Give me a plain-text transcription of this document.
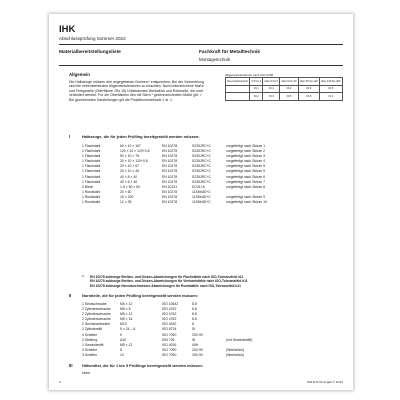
IHK
Abschlussprüfung Sommer 2022
Materialbereitstellungsliste	Fachkraft für Metalltechnik
Montagetechnik
Allgemein

Die Halbzeuge müssen den angegebenen Normen¹⁾ entsprechen. Bei der Vorbereitung sind die nebenstehenden Allgemeintoleranzen zu beachten. Nicht unterstrichene Maße und Fertigmaße (Oberfläche √Rz 16) Unbekanntes Werkstück und Rohmaße, die noch verändert werden. Für die Oberflächen des mit Stern * gekennzeichneten Maße gilt: √ Bei gezeichneten Darstellungen gilt die Projektionsmethode 1 ⊕ ◁

Allgemeintoleranzen nach ISO 2768
Nennmaß-bereich	0,5 bis 3	über 3 bis 6	über 6 bis 30	über 30 bis 120	über 120 bis 400
	±0,1	±0,1	±0,2	±0,3	±0,5
	±0,2	±0,3	±0,5	±0,8	±1,2
I	Halbzeuge, die für jeden Prüfling bereitgestellt werden müssen:
1 Flachstahl	60 × 10 × 167	EN 10278	S235JRC+C	vorgefertigt nach Skizze 1
1 Flachstahl	120 × 10 × 120+0,8	EN 10278	S235JRC+C	vorgefertigt nach Skizze 2
1 Flachstahl	50 × 10 × 75	EN 10278	S235JRC+C	vorgefertigt nach Skizze 3
1 Flachstahl	20 × 10 × 120+0,8	EN 10278	S235JRC+C	vorgefertigt nach Skizze 4
1 Flachstahl	20 × 10 × 57	EN 10278	S235JRC+C	vorgefertigt nach Skizze 5
1 Flachstahl	20 × 10 × 45	EN 10278	S235JRC+C	vorgefertigt nach Skizze 5
1 Flachstahl	40 × 8 × 40	EN 10278	S235JRC+C	vorgefertigt nach Skizze 6
1 Flachstahl	40 × 6 × 40	EN 10278	S235JRC+C	vorgefertigt nach Skizze 7
2 Blech	1,5 × 50 × 50	EN 10131	DC01+A	vorgefertigt nach Skizze 8
1 Rundstahl	20 × 60	EN 10278	11SMn30+C
1 Rundstahl	15 × 200	EN 10278	11SMn30+C	vorgefertigt nach Skizze 9
1 Rundstahl	12 × 35	EN 10278	11SMn30+C	vorgefertigt nach Skizze 10
1) EN 10278 zulässige Breiten- und Dicken-Abweichungen für Flachstähle nach ISO-Toleranzfeld h11
EN 10278 zulässige Breiten- und Dicken-Abweichungen für Vierkantstähle nach ISO-Toleranzfeld h11
EN 10278 zulässige Nenndurchmesser-Abweichungen für Rundstähle nach ISO-Toleranzfeld h11
II	Normteile, die für jeden Prüfling bereitgestellt werden müssen:
1 Senkschraube	M5 × 12	ISO 10642	8.8
2 Zylinderschraube	M5 × 8	ISO 4762	8.8
2 Zylinderschraube	M5 × 12	ISO 4762	8.8
2 Zylinderschraube	M5 × 16	ISO 4762	8.8
2 Sechskantmutter	M10	ISO 4032	8
2 Zylinderstift	5 × 24 – A	ISO 8734	St
4 Scheibe	5	ISO 7090	200 HV
2 Stellring	A10	DIN 705	St	(mit Gewindestift)
1 Gewindestift	M5 × 12	ISO 4026	45H
3 Scheibe	8	ISO 7090	200 HV	(Werkstück)
3 Scheibe	10	ISO 7090	200 HV	(Werkstück)
III Hilfsmittel, die für 1 bis 5 Prüflinge bereitgestellt werden müssen:
keine
2	S22 E74 02 angeb © 11/21
